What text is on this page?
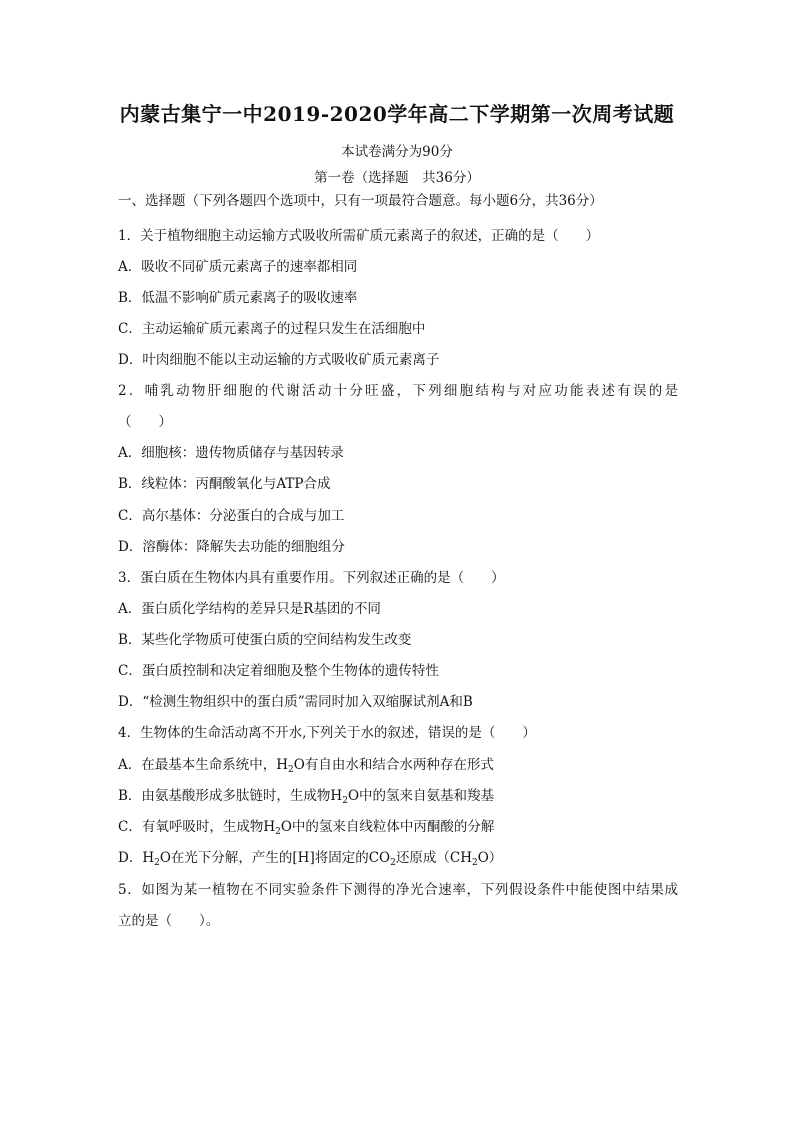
内蒙古集宁一中2019-2020学年高二下学期第一次周考试题
本试卷满分为90分
第一卷（选择题　共36分）
一、选择题（下列各题四个选项中，只有一项最符合题意。每小题6分，共36分）
1．关于植物细胞主动运输方式吸收所需矿质元素离子的叙述，正确的是（　　）
A．吸收不同矿质元素离子的速率都相同
B．低温不影响矿质元素离子的吸收速率
C．主动运输矿质元素离子的过程只发生在活细胞中
D．叶肉细胞不能以主动运输的方式吸收矿质元素离子
2．哺乳动物肝细胞的代谢活动十分旺盛，下列细胞结构与对应功能表述有误的是
（　　）
A．细胞核：遗传物质储存与基因转录
B．线粒体：丙酮酸氧化与ATP合成
C．高尔基体：分泌蛋白的合成与加工
D．溶酶体：降解失去功能的细胞组分
3．蛋白质在生物体内具有重要作用。下列叙述正确的是（　　）
A．蛋白质化学结构的差异只是R基团的不同
B．某些化学物质可使蛋白质的空间结构发生改变
C．蛋白质控制和决定着细胞及整个生物体的遗传特性
D．“检测生物组织中的蛋白质”需同时加入双缩脲试剂A和B
4．生物体的生命活动离不开水,下列关于水的叙述，错误的是（　　）
A．在最基本生命系统中，$H_2O$有自由水和结合水两种存在形式
B．由氨基酸形成多肽链时，生成物$H_2O$中的氢来自氨基和羧基
C．有氧呼吸时，生成物$H_2O$中的氢来自线粒体中丙酮酸的分解
D．$H_2O$在光下分解，产生的[H]将固定的$CO_2$还原成$(CH_2O)$
5．如图为某一植物在不同实验条件下测得的净光合速率，下列假设条件中能使图中结果成
立的是（　　）。
